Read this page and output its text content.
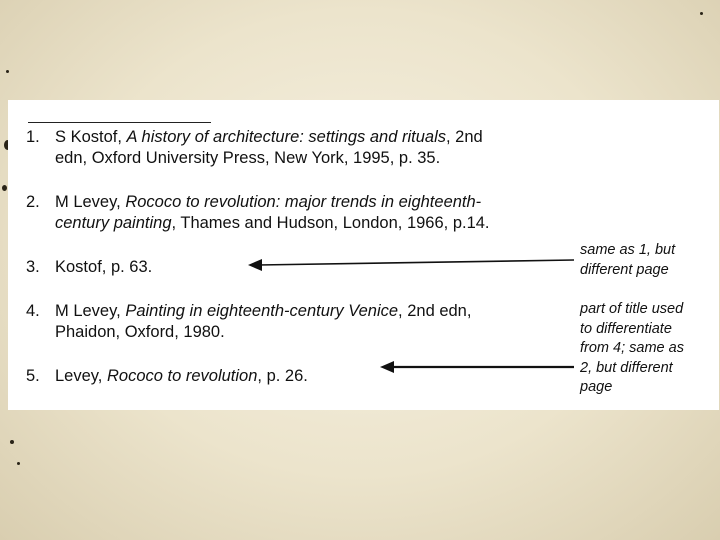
1. S Kostof, A history of architecture: settings and rituals, 2nd
edn, Oxford University Press, New York, 1995, p. 35.
2. M Levey, Rococo to revolution: major trends in eighteenth-
century painting, Thames and Hudson, London, 1966, p.14.
3. Kostof, p. 63.
4. M Levey, Painting in eighteenth-century Venice, 2nd edn,
Phaidon, Oxford, 1980.
5. Levey, Rococo to revolution, p. 26.
same as 1, but
different page
part of title used
to differentiate
from 4; same as
2, but different
page
